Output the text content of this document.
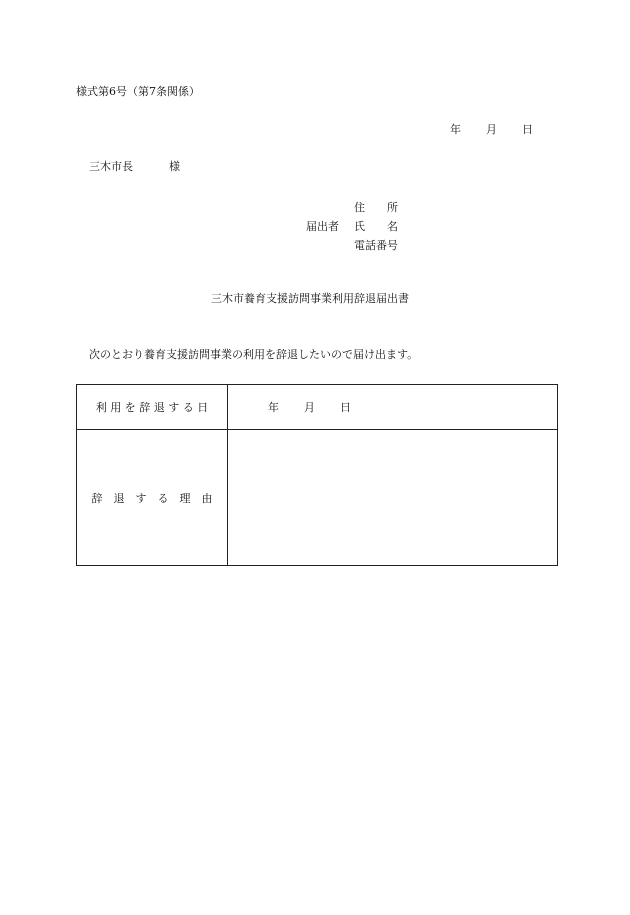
様式第6号（第7条関係）
年 月 日
三木市長	様
住　　所
届出者	氏　　名
電話番号
三木市養育支援訪問事業利用辞退届出書
次のとおり養育支援訪問事業の利用を辞退したいので届け出ます。
利 用 を 辞 退 す る 日	年 月 日

辞　退　す　る　理　由	
